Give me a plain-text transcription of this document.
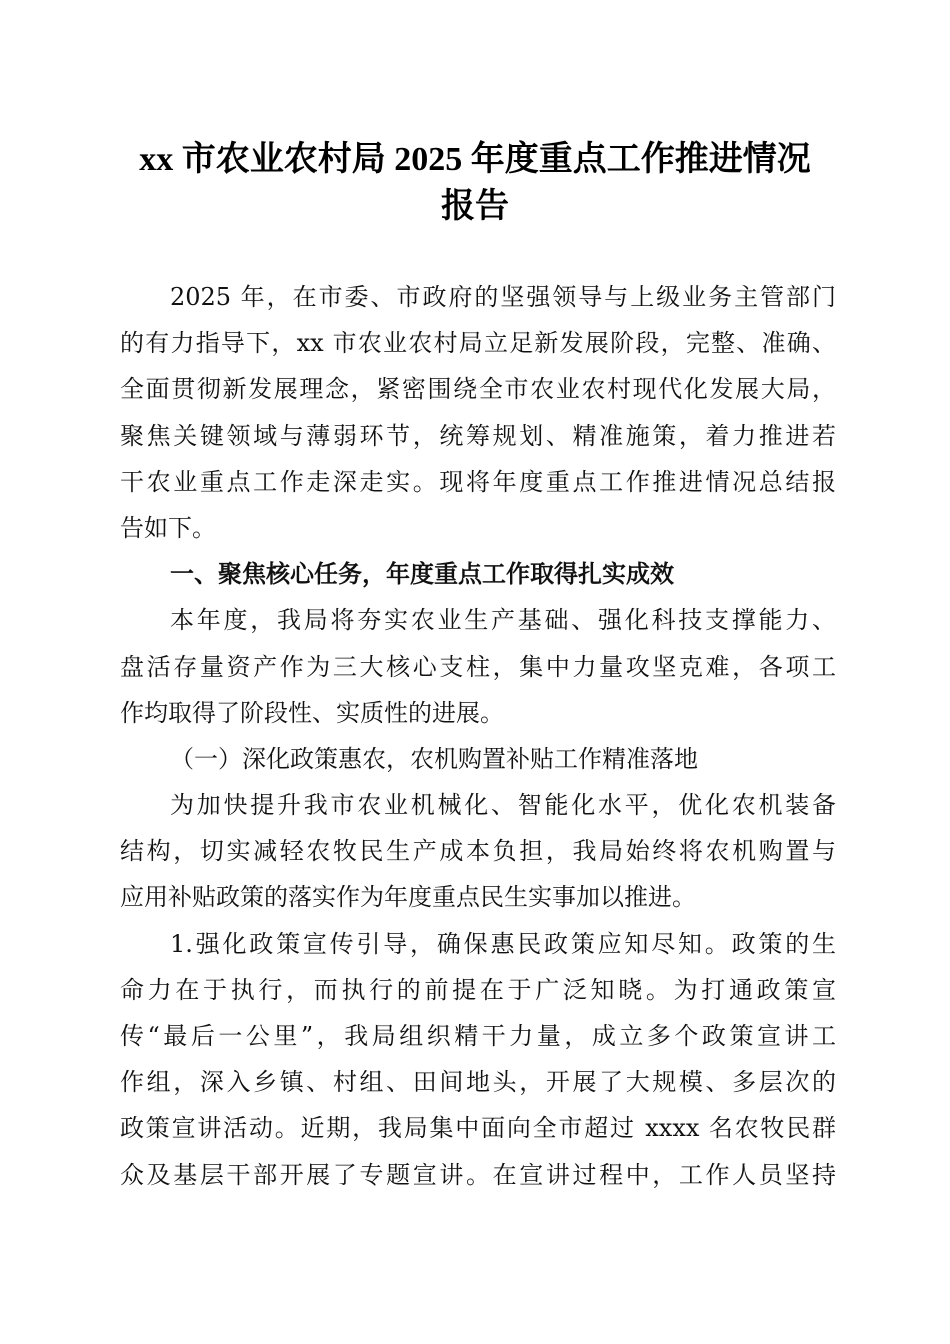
xx 市农业农村局 2025 年度重点工作推进情况
报告
2025 年，在市委、市政府的坚强领导与上级业务主管部门
的有力指导下，xx 市农业农村局立足新发展阶段，完整、准确、
全面贯彻新发展理念，紧密围绕全市农业农村现代化发展大局，
聚焦关键领域与薄弱环节，统筹规划、精准施策，着力推进若
干农业重点工作走深走实。现将年度重点工作推进情况总结报
告如下。
一、聚焦核心任务，年度重点工作取得扎实成效
本年度，我局将夯实农业生产基础、强化科技支撑能力、
盘活存量资产作为三大核心支柱，集中力量攻坚克难，各项工
作均取得了阶段性、实质性的进展。
（一）深化政策惠农，农机购置补贴工作精准落地
为加快提升我市农业机械化、智能化水平，优化农机装备
结构，切实减轻农牧民生产成本负担，我局始终将农机购置与
应用补贴政策的落实作为年度重点民生实事加以推进。
1.强化政策宣传引导，确保惠民政策应知尽知。政策的生
命力在于执行，而执行的前提在于广泛知晓。为打通政策宣
传“最后一公里”，我局组织精干力量，成立多个政策宣讲工
作组，深入乡镇、村组、田间地头，开展了大规模、多层次的
政策宣讲活动。近期，我局集中面向全市超过 xxxx 名农牧民群
众及基层干部开展了专题宣讲。在宣讲过程中，工作人员坚持
